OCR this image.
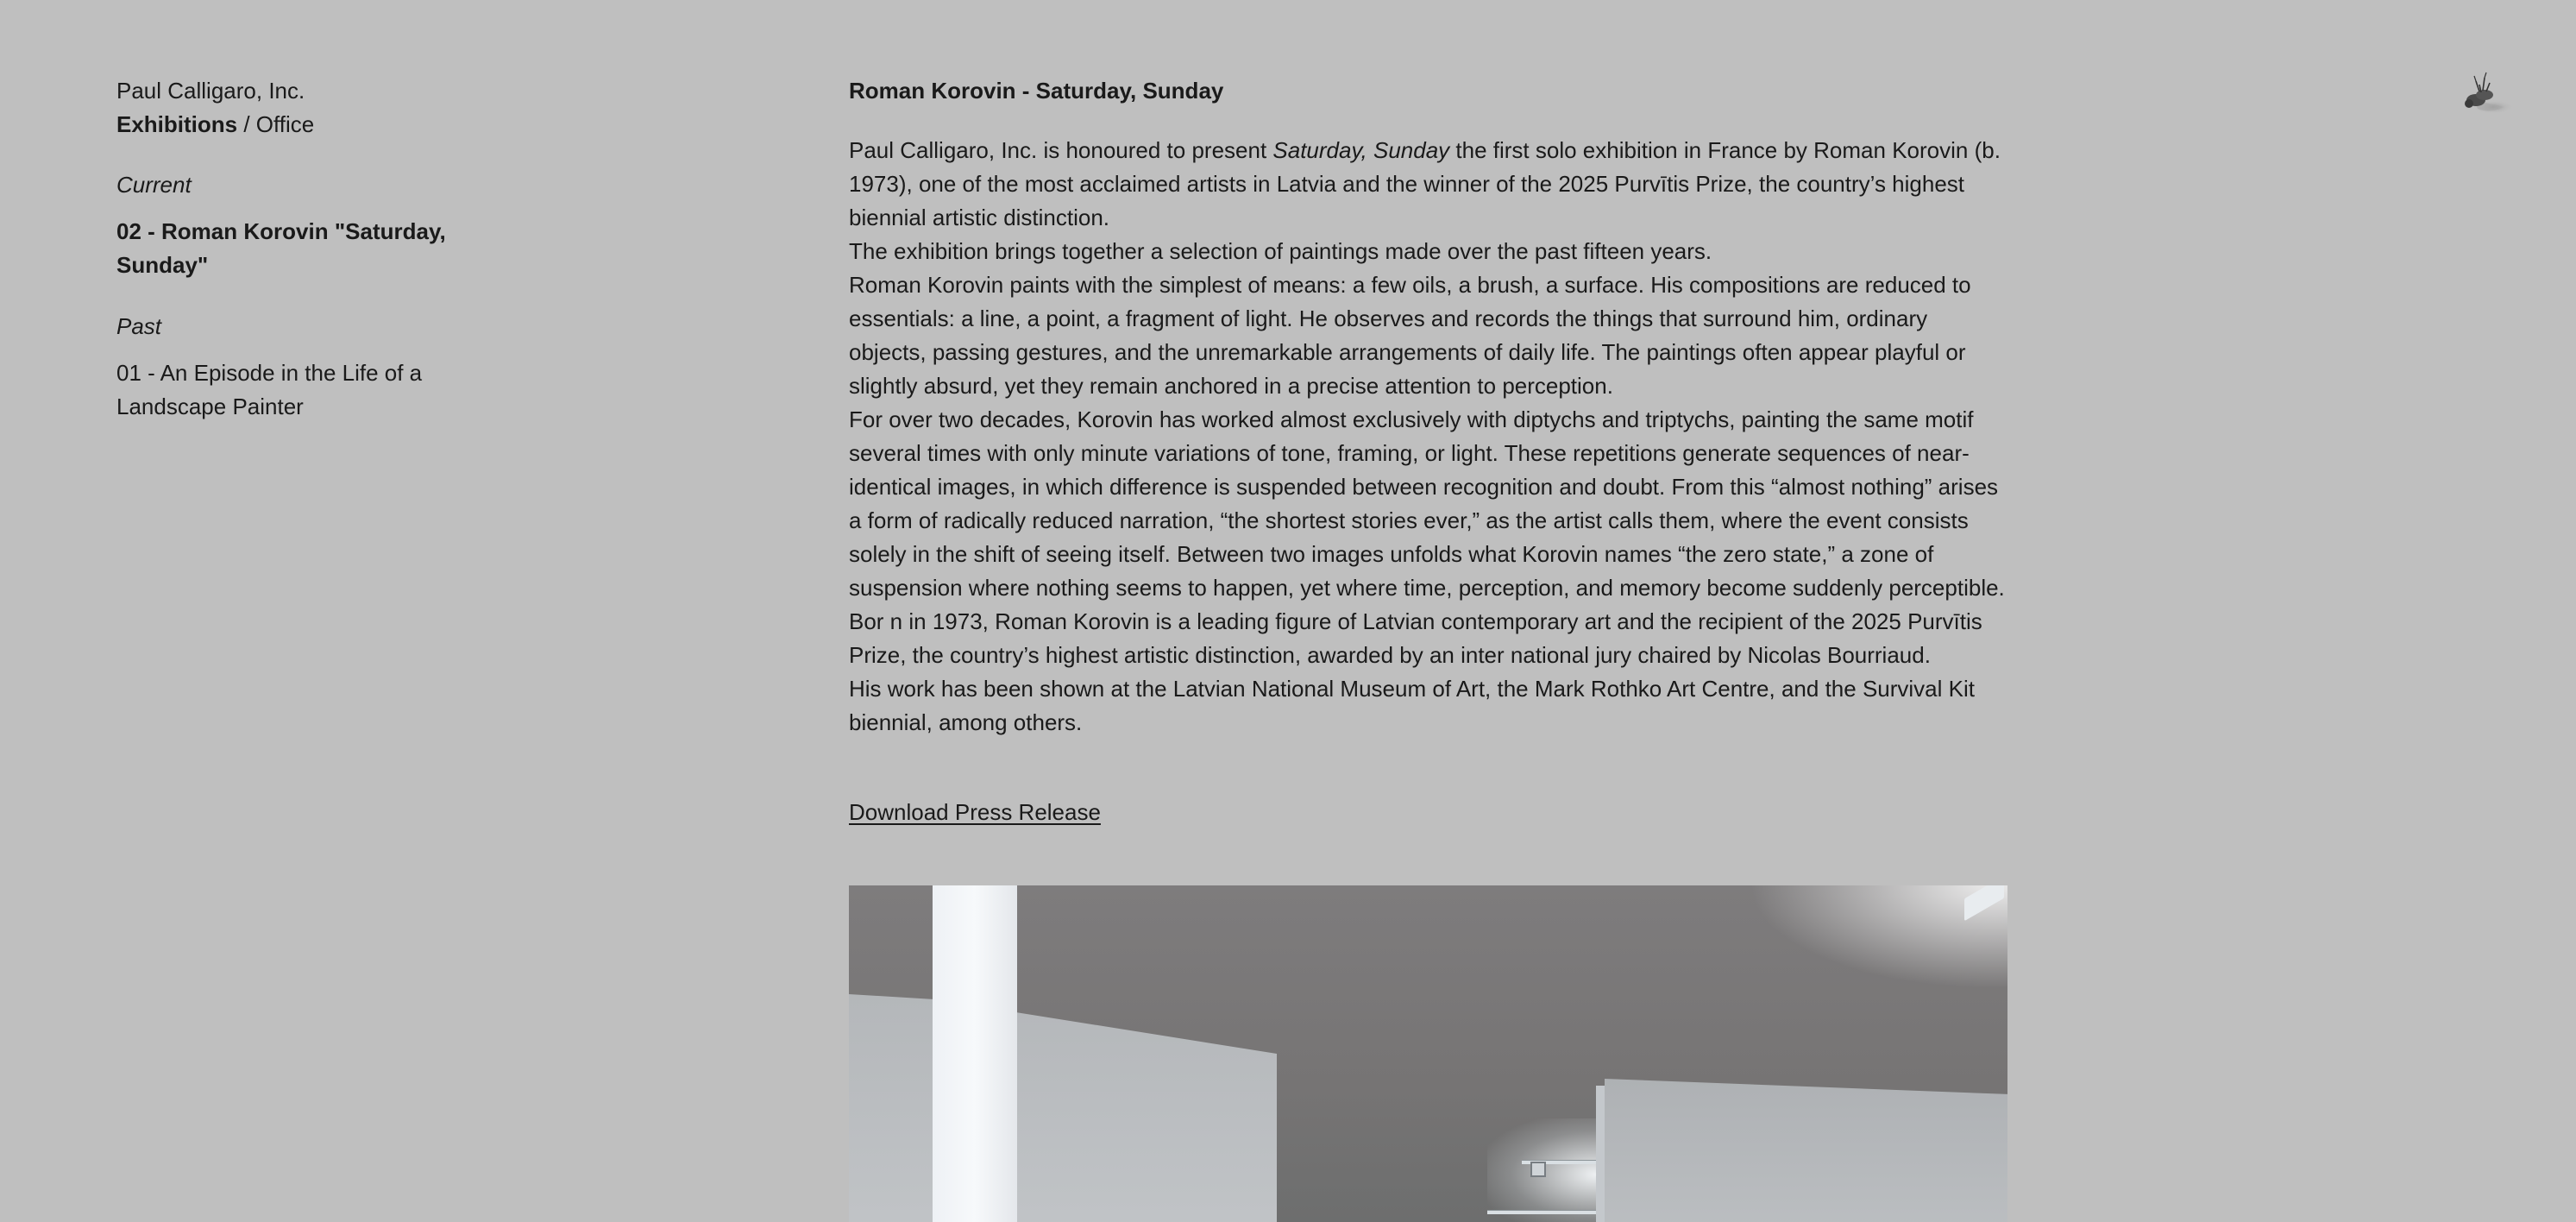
Paul Calligaro, Inc.
Exhibitions / Office
Current
02 - Roman Korovin "Saturday, Sunday"
Past
01 - An Episode in the Life of a Landscape Painter
Roman Korovin - Saturday, Sunday

Paul Calligaro, Inc. is honoured to present Saturday, Sunday the first solo exhibition in France by Roman Korovin (b. 1973), one of the most acclaimed artists in Latvia and the winner of the 2025 Purvītis Prize, the country’s highest biennial artistic distinction.

The exhibition brings together a selection of paintings made over the past fifteen years.

Roman Korovin paints with the simplest of means: a few oils, a brush, a surface. His compositions are reduced to essentials: a line, a point, a fragment of light. He observes and records the things that surround him, ordinary objects, passing gestures, and the unremarkable arrangements of daily life. The paintings often appear playful or slightly absurd, yet they remain anchored in a precise attention to perception.

For over two decades, Korovin has worked almost exclusively with diptychs and triptychs, painting the same motif several times with only minute variations of tone, framing, or light. These repetitions generate sequences of near-identical images, in which difference is suspended between recognition and doubt. From this “almost nothing” arises a form of radically reduced narration, “the shortest stories ever,” as the artist calls them, where the event consists solely in the shift of seeing itself. Between two images unfolds what Korovin names “the zero state,” a zone of suspension where nothing seems to happen, yet where time, perception, and memory become suddenly perceptible.

Bor n in 1973, Roman Korovin is a leading figure of Latvian contemporary art and the recipient of the 2025 Purvītis Prize, the country’s highest artistic distinction, awarded by an inter national jury chaired by Nicolas Bourriaud.

His work has been shown at the Latvian National Museum of Art, the Mark Rothko Art Centre, and the Survival Kit biennial, among others.

Download Press Release
